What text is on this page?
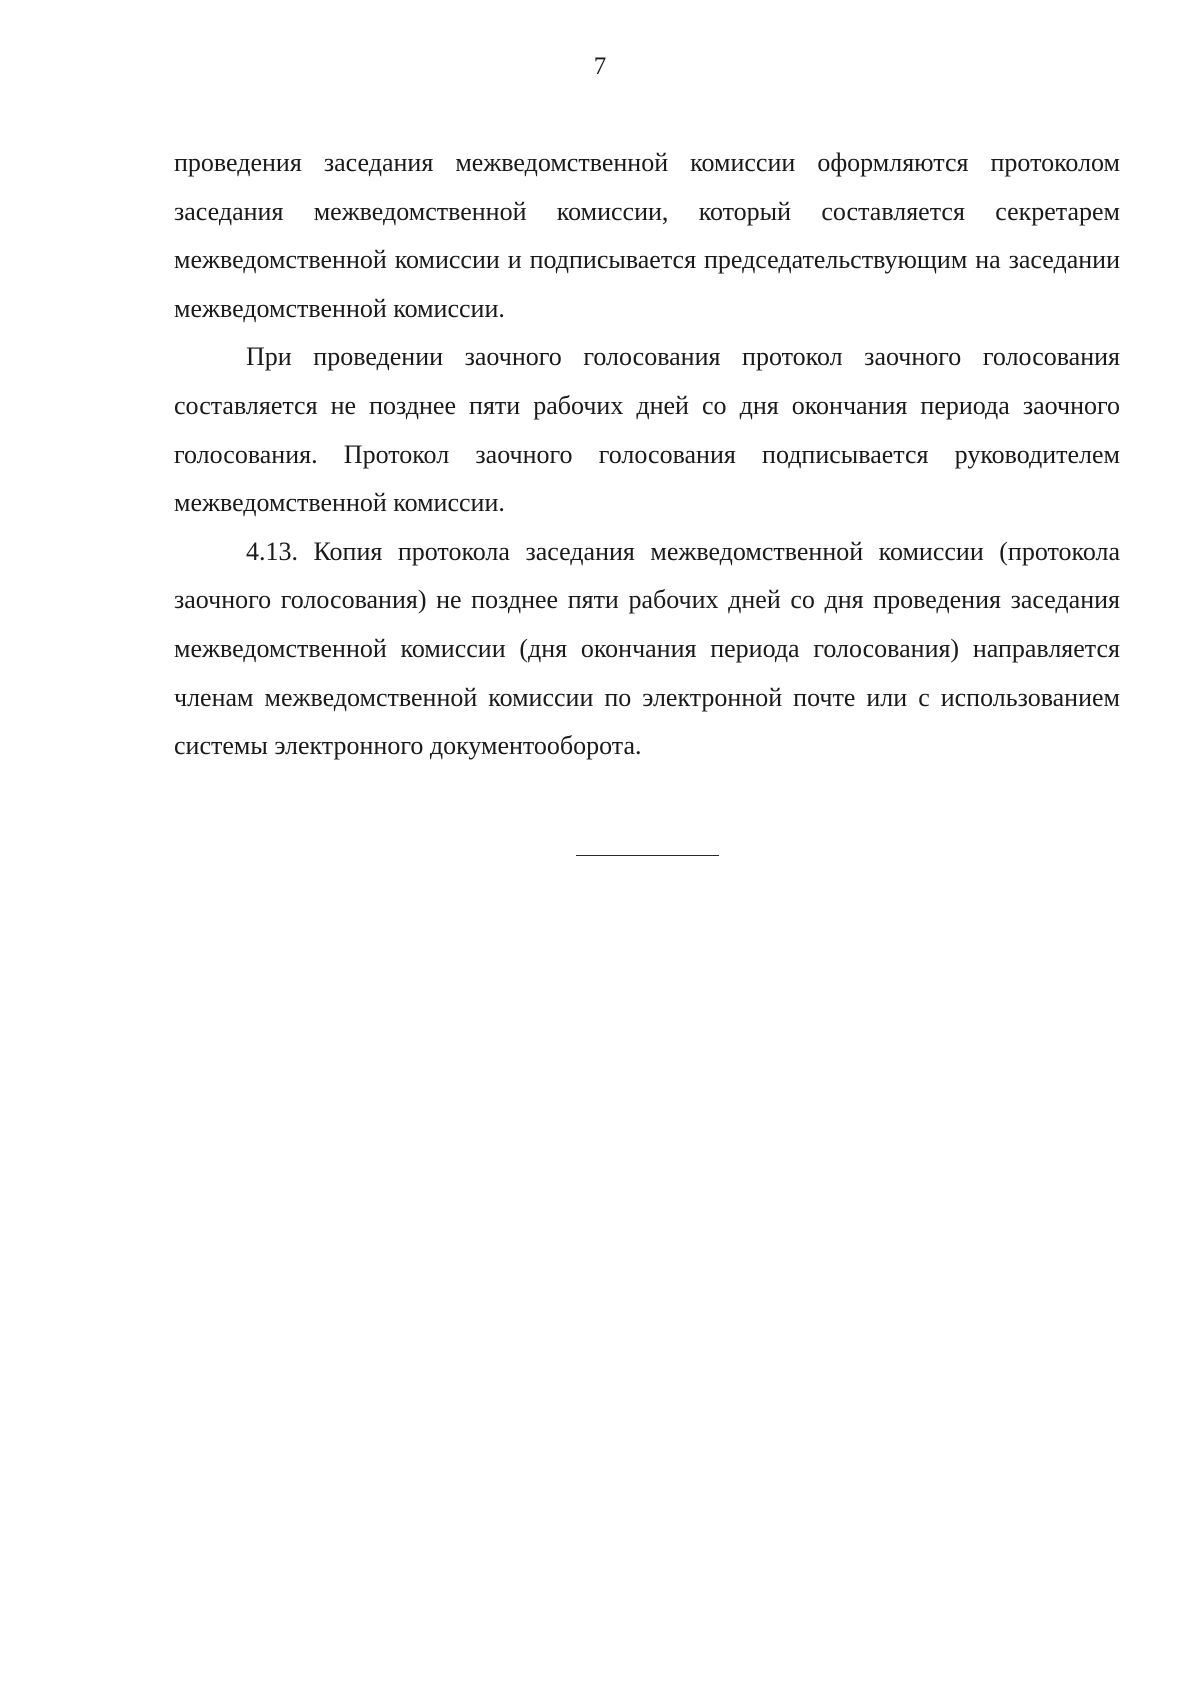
7

проведения заседания межведомственной комиссии оформляются протоколом заседания межведомственной комиссии, который составляется секретарем межведомственной комиссии и подписывается председательствующим на заседании межведомственной комиссии.

При проведении заочного голосования протокол заочного голосования составляется не позднее пяти рабочих дней со дня окончания периода заочного голосования. Протокол заочного голосования подписывается руководителем межведомственной комиссии.

4.13. Копия протокола заседания межведомственной комиссии (протокола заочного голосования) не позднее пяти рабочих дней со дня проведения заседания межведомственной комиссии (дня окончания периода голосования) направляется членам межведомственной комиссии по электронной почте или с использованием системы электронного документооборота.
